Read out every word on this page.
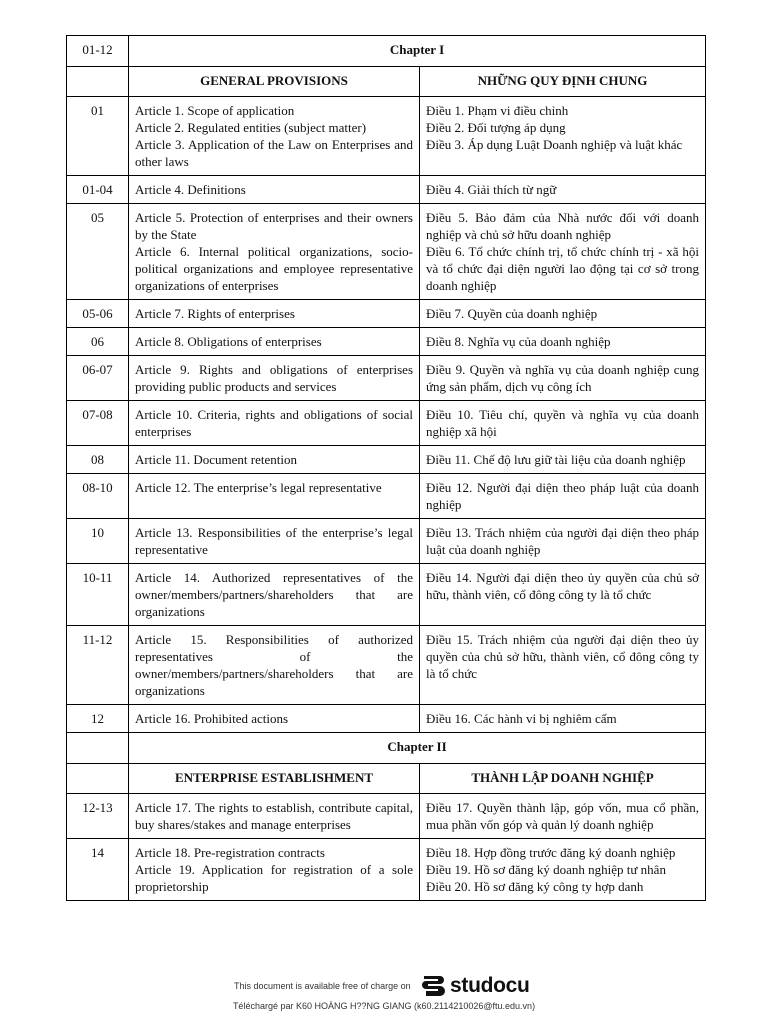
01-12	Chapter I	
	GENERAL PROVISIONS	NHỮNG QUY ĐỊNH CHUNG
01	Article 1. Scope of application
Article 2. Regulated entities (subject matter)
Article 3. Application of the Law on Enterprises and other laws	Điều 1. Phạm vi điều chỉnh
Điều 2. Đối tượng áp dụng
Điều 3. Áp dụng Luật Doanh nghiệp và luật khác

01-04	Article 4. Definitions	Điều 4. Giải thích từ ngữ

05	Article 5. Protection of enterprises and their owners by the State
Article 6. Internal political organizations, socio-political organizations and employee representative organizations of enterprises	Điều 5. Bảo đảm của Nhà nước đối với doanh nghiệp và chủ sở hữu doanh nghiệp
Điều 6. Tổ chức chính trị, tổ chức chính trị - xã hội và tổ chức đại diện người lao động tại cơ sở trong doanh nghiệp

05-06	Article 7. Rights of enterprises	Điều 7. Quyền của doanh nghiệp

06	Article 8. Obligations of enterprises	Điều 8. Nghĩa vụ của doanh nghiệp

06-07	Article 9. Rights and obligations of enterprises providing public products and services	Điều 9. Quyền và nghĩa vụ của doanh nghiệp cung ứng sản phẩm, dịch vụ công ích

07-08	Article 10. Criteria, rights and obligations of social enterprises	Điều 10. Tiêu chí, quyền và nghĩa vụ của doanh nghiệp xã hội

08	Article 11. Document retention	Điều 11. Chế độ lưu giữ tài liệu của doanh nghiệp

08-10	Article 12. The enterprise’s legal representative	Điều 12. Người đại diện theo pháp luật của doanh nghiệp

10	Article 13. Responsibilities of the enterprise’s legal representative	Điều 13. Trách nhiệm của người đại diện theo pháp luật của doanh nghiệp

10-11	Article 14. Authorized representatives of the owner/members/partners/shareholders that are organizations	Điều 14. Người đại diện theo ủy quyền của chủ sở hữu, thành viên, cổ đông công ty là tổ chức

11-12	Article 15. Responsibilities of authorized representatives of the owner/members/partners/shareholders that are organizations	Điều 15. Trách nhiệm của người đại diện theo ủy quyền của chủ sở hữu, thành viên, cổ đông công ty là tổ chức

12	Article 16. Prohibited actions	Điều 16. Các hành vi bị nghiêm cấm

	Chapter II	
	ENTERPRISE ESTABLISHMENT	THÀNH LẬP DOANH NGHIỆP
12-13	Article 17. The rights to establish, contribute capital, buy shares/stakes and manage enterprises	Điều 17. Quyền thành lập, góp vốn, mua cổ phần, mua phần vốn góp và quản lý doanh nghiệp

14	Article 18. Pre-registration contracts
Article 19. Application for registration of a sole proprietorship	Điều 18. Hợp đồng trước đăng ký doanh nghiệp
Điều 19. Hồ sơ đăng ký doanh nghiệp tư nhân
Điều 20. Hồ sơ đăng ký công ty hợp danh
This document is available free of charge on studocu
Téléchargé par K60 HOÀNG H??NG GIANG (k60.2114210026@ftu.edu.vn)
